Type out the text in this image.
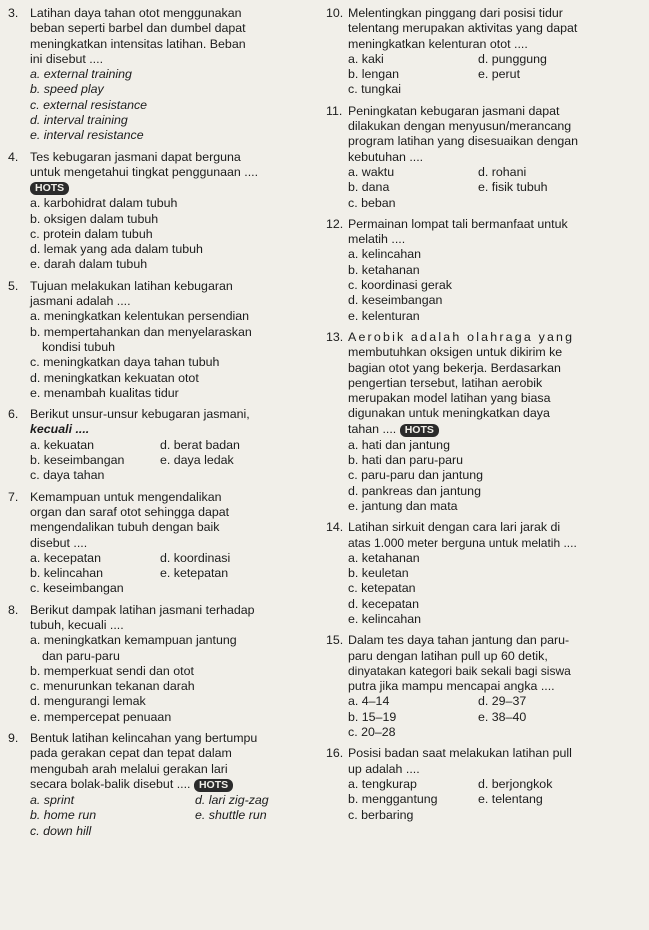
3. Latihan daya tahan otot menggunakan
beban seperti barbel dan dumbel dapat
meningkatkan intensitas latihan. Beban
ini disebut ....
a. external training
b. speed play
c. external resistance
d. interval training
e. interval resistance
4. Tes kebugaran jasmani dapat berguna
untuk mengetahui tingkat penggunaan ....
HOTS
a. karbohidrat dalam tubuh
b. oksigen dalam tubuh
c. protein dalam tubuh
d. lemak yang ada dalam tubuh
e. darah dalam tubuh
5. Tujuan melakukan latihan kebugaran
jasmani adalah ....
a. meningkatkan kelentukan persendian
b. mempertahankan dan menyelaraskan
kondisi tubuh
c. meningkatkan daya tahan tubuh
d. meningkatkan kekuatan otot
e. menambah kualitas tidur
6. Berikut unsur-unsur kebugaran jasmani,
kecuali ....
a. kekuatan	d. berat badan
b. keseimbangan	e. daya ledak
c. daya tahan
7. Kemampuan untuk mengendalikan
organ dan saraf otot sehingga dapat
mengendalikan tubuh dengan baik
disebut ....
a. kecepatan	d. koordinasi
b. kelincahan	e. ketepatan
c. keseimbangan
8. Berikut dampak latihan jasmani terhadap
tubuh, kecuali ....
a. meningkatkan kemampuan jantung
dan paru-paru
b. memperkuat sendi dan otot
c. menurunkan tekanan darah
d. mengurangi lemak
e. mempercepat penuaan
9. Bentuk latihan kelincahan yang bertumpu
pada gerakan cepat dan tepat dalam
mengubah arah melalui gerakan lari
secara bolak-balik disebut .... HOTS
a. sprint	d. lari zig-zag
b. home run	e. shuttle run
c. down hill
10. Melentingkan pinggang dari posisi tidur
telentang merupakan aktivitas yang dapat
meningkatkan kelenturan otot ....
a. kaki	d. punggung
b. lengan	e. perut
c. tungkai
11. Peningkatan kebugaran jasmani dapat
dilakukan dengan menyusun/merancang
program latihan yang disesuaikan dengan
kebutuhan ....
a. waktu	d. rohani
b. dana	e. fisik tubuh
c. beban
12. Permainan lompat tali bermanfaat untuk
melatih ....
a. kelincahan
b. ketahanan
c. koordinasi gerak
d. keseimbangan
e. kelenturan
13. Aerobik adalah olahraga yang
membutuhkan oksigen untuk dikirim ke
bagian otot yang bekerja. Berdasarkan
pengertian tersebut, latihan aerobik
merupakan model latihan yang biasa
digunakan untuk meningkatkan daya
tahan .... HOTS
a. hati dan jantung
b. hati dan paru-paru
c. paru-paru dan jantung
d. pankreas dan jantung
e. jantung dan mata
14. Latihan sirkuit dengan cara lari jarak di
atas 1.000 meter berguna untuk melatih ....
a. ketahanan
b. keuletan
c. ketepatan
d. kecepatan
e. kelincahan
15. Dalam tes daya tahan jantung dan paru-
paru dengan latihan pull up 60 detik,
dinyatakan kategori baik sekali bagi siswa
putra jika mampu mencapai angka ....
a. 4–14	d. 29–37
b. 15–19	e. 38–40
c. 20–28
16. Posisi badan saat melakukan latihan pull
up adalah ....
a. tengkurap	d. berjongkok
b. menggantung	e. telentang
c. berbaring
